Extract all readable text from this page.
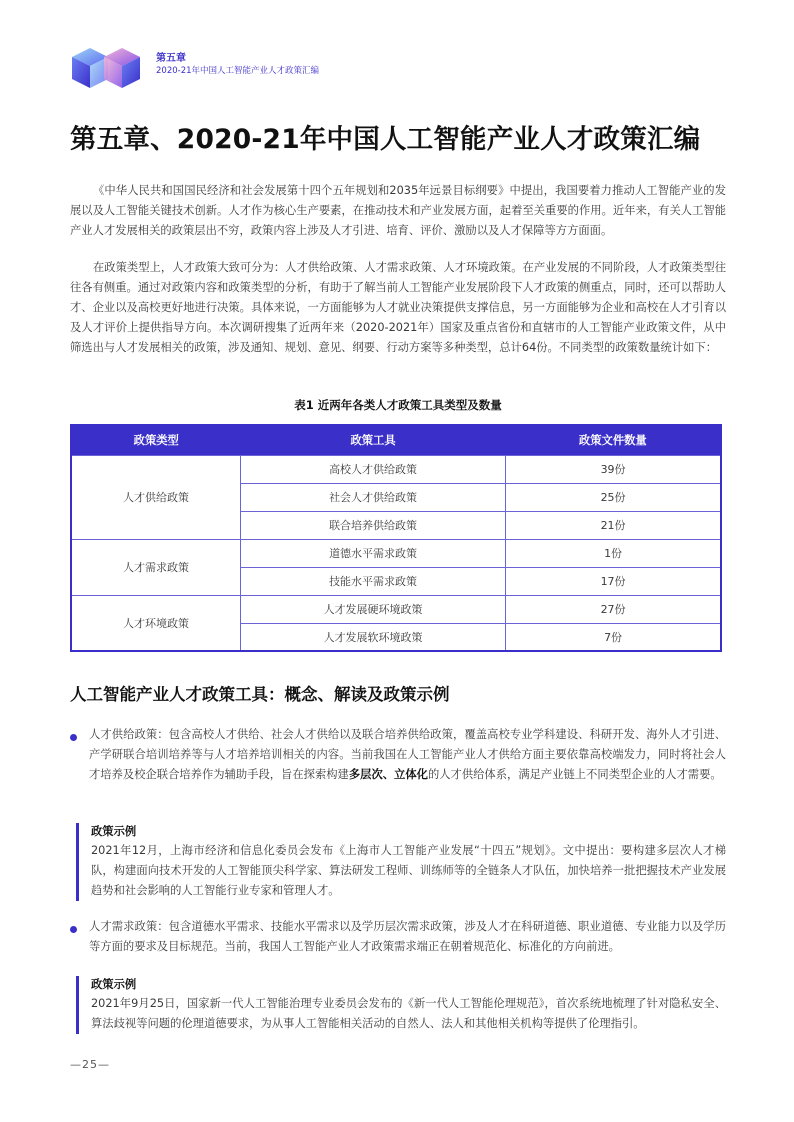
第五章
2020-21年中国人工智能产业人才政策汇编
第五章、2020-21年中国人工智能产业人才政策汇编

《中华人民共和国国民经济和社会发展第十四个五年规划和2035年远景目标纲要》中提出，我国要着力推动人工智能产业的发展以及人工智能关键技术创新。人才作为核心生产要素，在推动技术和产业发展方面，起着至关重要的作用。近年来，有关人工智能产业人才发展相关的政策层出不穷，政策内容上涉及人才引进、培育、评价、激励以及人才保障等方方面面。

在政策类型上，人才政策大致可分为：人才供给政策、人才需求政策、人才环境政策。在产业发展的不同阶段，人才政策类型往往各有侧重。通过对政策内容和政策类型的分析，有助于了解当前人工智能产业发展阶段下人才政策的侧重点，同时，还可以帮助人才、企业以及高校更好地进行决策。具体来说，一方面能够为人才就业决策提供支撑信息，另一方面能够为企业和高校在人才引育以及人才评价上提供指导方向。本次调研搜集了近两年来（2020-2021年）国家及重点省份和直辖市的人工智能产业政策文件，从中筛选出与人才发展相关的政策，涉及通知、规划、意见、纲要、行动方案等多种类型，总计64份。不同类型的政策数量统计如下：

表1 近两年各类人才政策工具类型及数量
政策类型	政策工具	政策文件数量
人才供给政策	高校人才供给政策	39份
	社会人才供给政策	25份
	联合培养供给政策	21份
人才需求政策	道德水平需求政策	1份
	技能水平需求政策	17份
人才环境政策	人才发展硬环境政策	27份
	人才发展软环境政策	7份
人工智能产业人才政策工具：概念、解读及政策示例

人才供给政策：包含高校人才供给、社会人才供给以及联合培养供给政策，覆盖高校专业学科建设、科研开发、海外人才引进、产学研联合培训培养等与人才培养培训相关的内容。当前我国在人工智能产业人才供给方面主要依靠高校端发力，同时将社会人才培养及校企联合培养作为辅助手段，旨在探索构建多层次、立体化的人才供给体系，满足产业链上不同类型企业的人才需要。

政策示例

2021年12月，上海市经济和信息化委员会发布《上海市人工智能产业发展“十四五”规划》。文中提出：要构建多层次人才梯队，构建面向技术开发的人工智能顶尖科学家、算法研发工程师、训练师等的全链条人才队伍，加快培养一批把握技术产业发展趋势和社会影响的人工智能行业专家和管理人才。

人才需求政策：包含道德水平需求、技能水平需求以及学历层次需求政策，涉及人才在科研道德、职业道德、专业能力以及学历等方面的要求及目标规范。当前，我国人工智能产业人才政策需求端正在朝着规范化、标准化的方向前进。

政策示例

2021年9月25日，国家新一代人工智能治理专业委员会发布的《新一代人工智能伦理规范》，首次系统地梳理了针对隐私安全、算法歧视等问题的伦理道德要求，为从事人工智能相关活动的自然人、法人和其他相关机构等提供了伦理指引。

—25—
